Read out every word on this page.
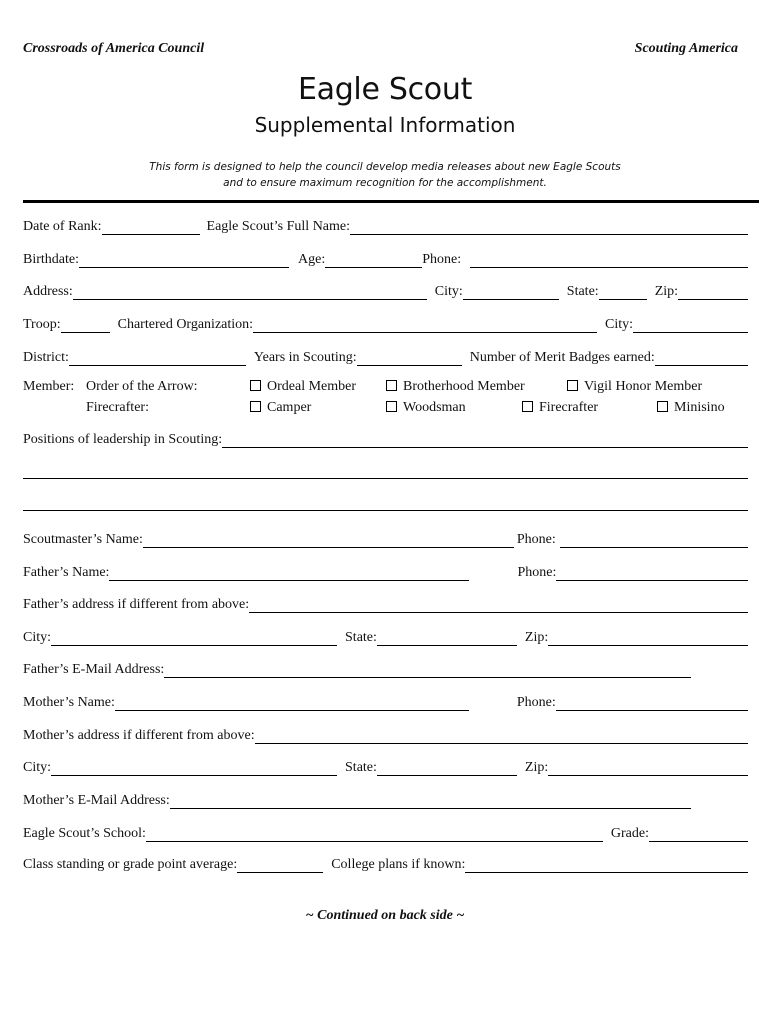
Crossroads of America Council	Scouting America
Eagle Scout
Supplemental Information
This form is designed to help the council develop media releases about new Eagle Scouts
and to ensure maximum recognition for the accomplishment.
Date of Rank:	Eagle Scout’s Full Name:
Birthdate:	Age:	Phone:
Address:	City:	State:	Zip:
Troop:	Chartered Organization:	City:
District:	Years in Scouting:	Number of Merit Badges earned:
Member: Order of the Arrow:	Ordeal Member	Brotherhood Member	Vigil Honor Member
Firecrafter:	Camper	Woodsman	Firecrafter	Minisino
Positions of leadership in Scouting:
Scoutmaster’s Name:	Phone:
Father’s Name:	Phone:
Father’s address if different from above:
City:	State:	Zip:
Father’s E-Mail Address:
Mother’s Name:	Phone:
Mother’s address if different from above:
City:	State:	Zip:
Mother’s E-Mail Address:
Eagle Scout’s School:	Grade:
Class standing or grade point average:	College plans if known:
~ Continued on back side ~
